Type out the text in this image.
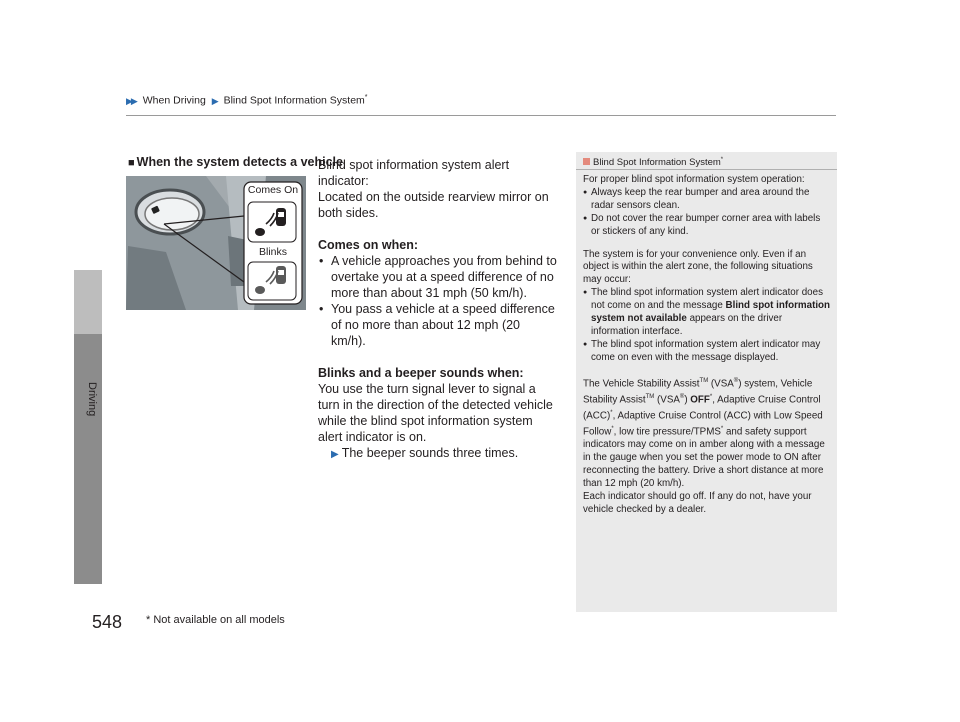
▶▶ When Driving ▶ Blind Spot Information System*
Driving
548 * Not available on all models
■ When the system detects a vehicle
Comes On
Blinks

Blind spot information system alert indicator:

Located on the outside rearview mirror on both sides.

Comes on when:

• A vehicle approaches you from behind to overtake you at a speed difference of no more than about 31 mph (50 km/h).

• You pass a vehicle at a speed difference of no more than about 12 mph (20 km/h).

Blinks and a beeper sounds when:

You use the turn signal lever to signal a turn in the direction of the detected vehicle while the blind spot information system alert indicator is on.

▶ The beeper sounds three times.

Blind Spot Information System*

For proper blind spot information system operation:

● Always keep the rear bumper and area around the radar sensors clean.

● Do not cover the rear bumper corner area with labels or stickers of any kind.

The system is for your convenience only. Even if an object is within the alert zone, the following situations may occur:

● The blind spot information system alert indicator does not come on and the message Blind spot information system not available appears on the driver information interface.

● The blind spot information system alert indicator may come on even with the message displayed.

The Vehicle Stability Assist™ (VSA®) system, Vehicle Stability Assist™ (VSA®) OFF*, Adaptive Cruise Control (ACC)*, Adaptive Cruise Control (ACC) with Low Speed Follow*, low tire pressure/TPMS* and safety support indicators may come on in amber along with a message in the gauge when you set the power mode to ON after reconnecting the battery. Drive a short distance at more than 12 mph (20 km/h).

Each indicator should go off. If any do not, have your vehicle checked by a dealer.
